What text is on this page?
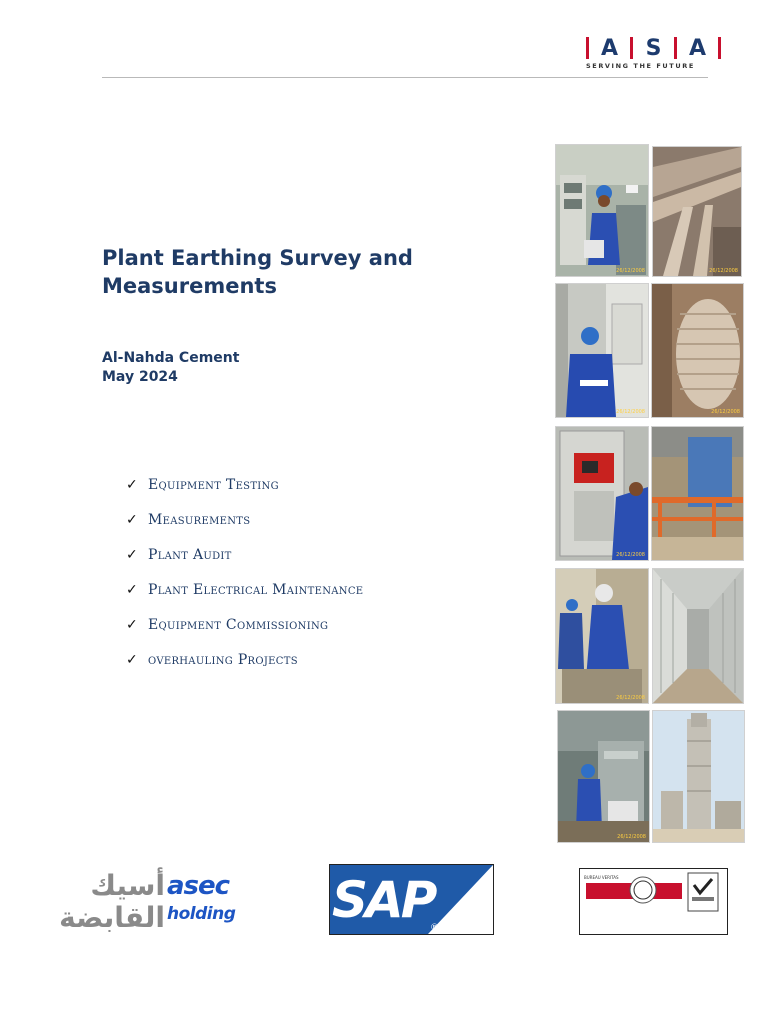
A	S	A
SERVING THE FUTURE
Plant Earthing Survey and Measurements
Al-Nahda Cement
May 2024
✓ Equipment Testing
✓ Measurements
✓ Plant Audit
✓ Plant Electrical Maintenance
✓ Equipment Commissioning
✓ overhauling Projects
26/12/2008	26/12/2008
26/12/2008	26/12/2008
26/12/2008
26/12/2008
26/12/2008
أسيك
القابضة
asec
holding SAP
®
BUREAU VERITAS
